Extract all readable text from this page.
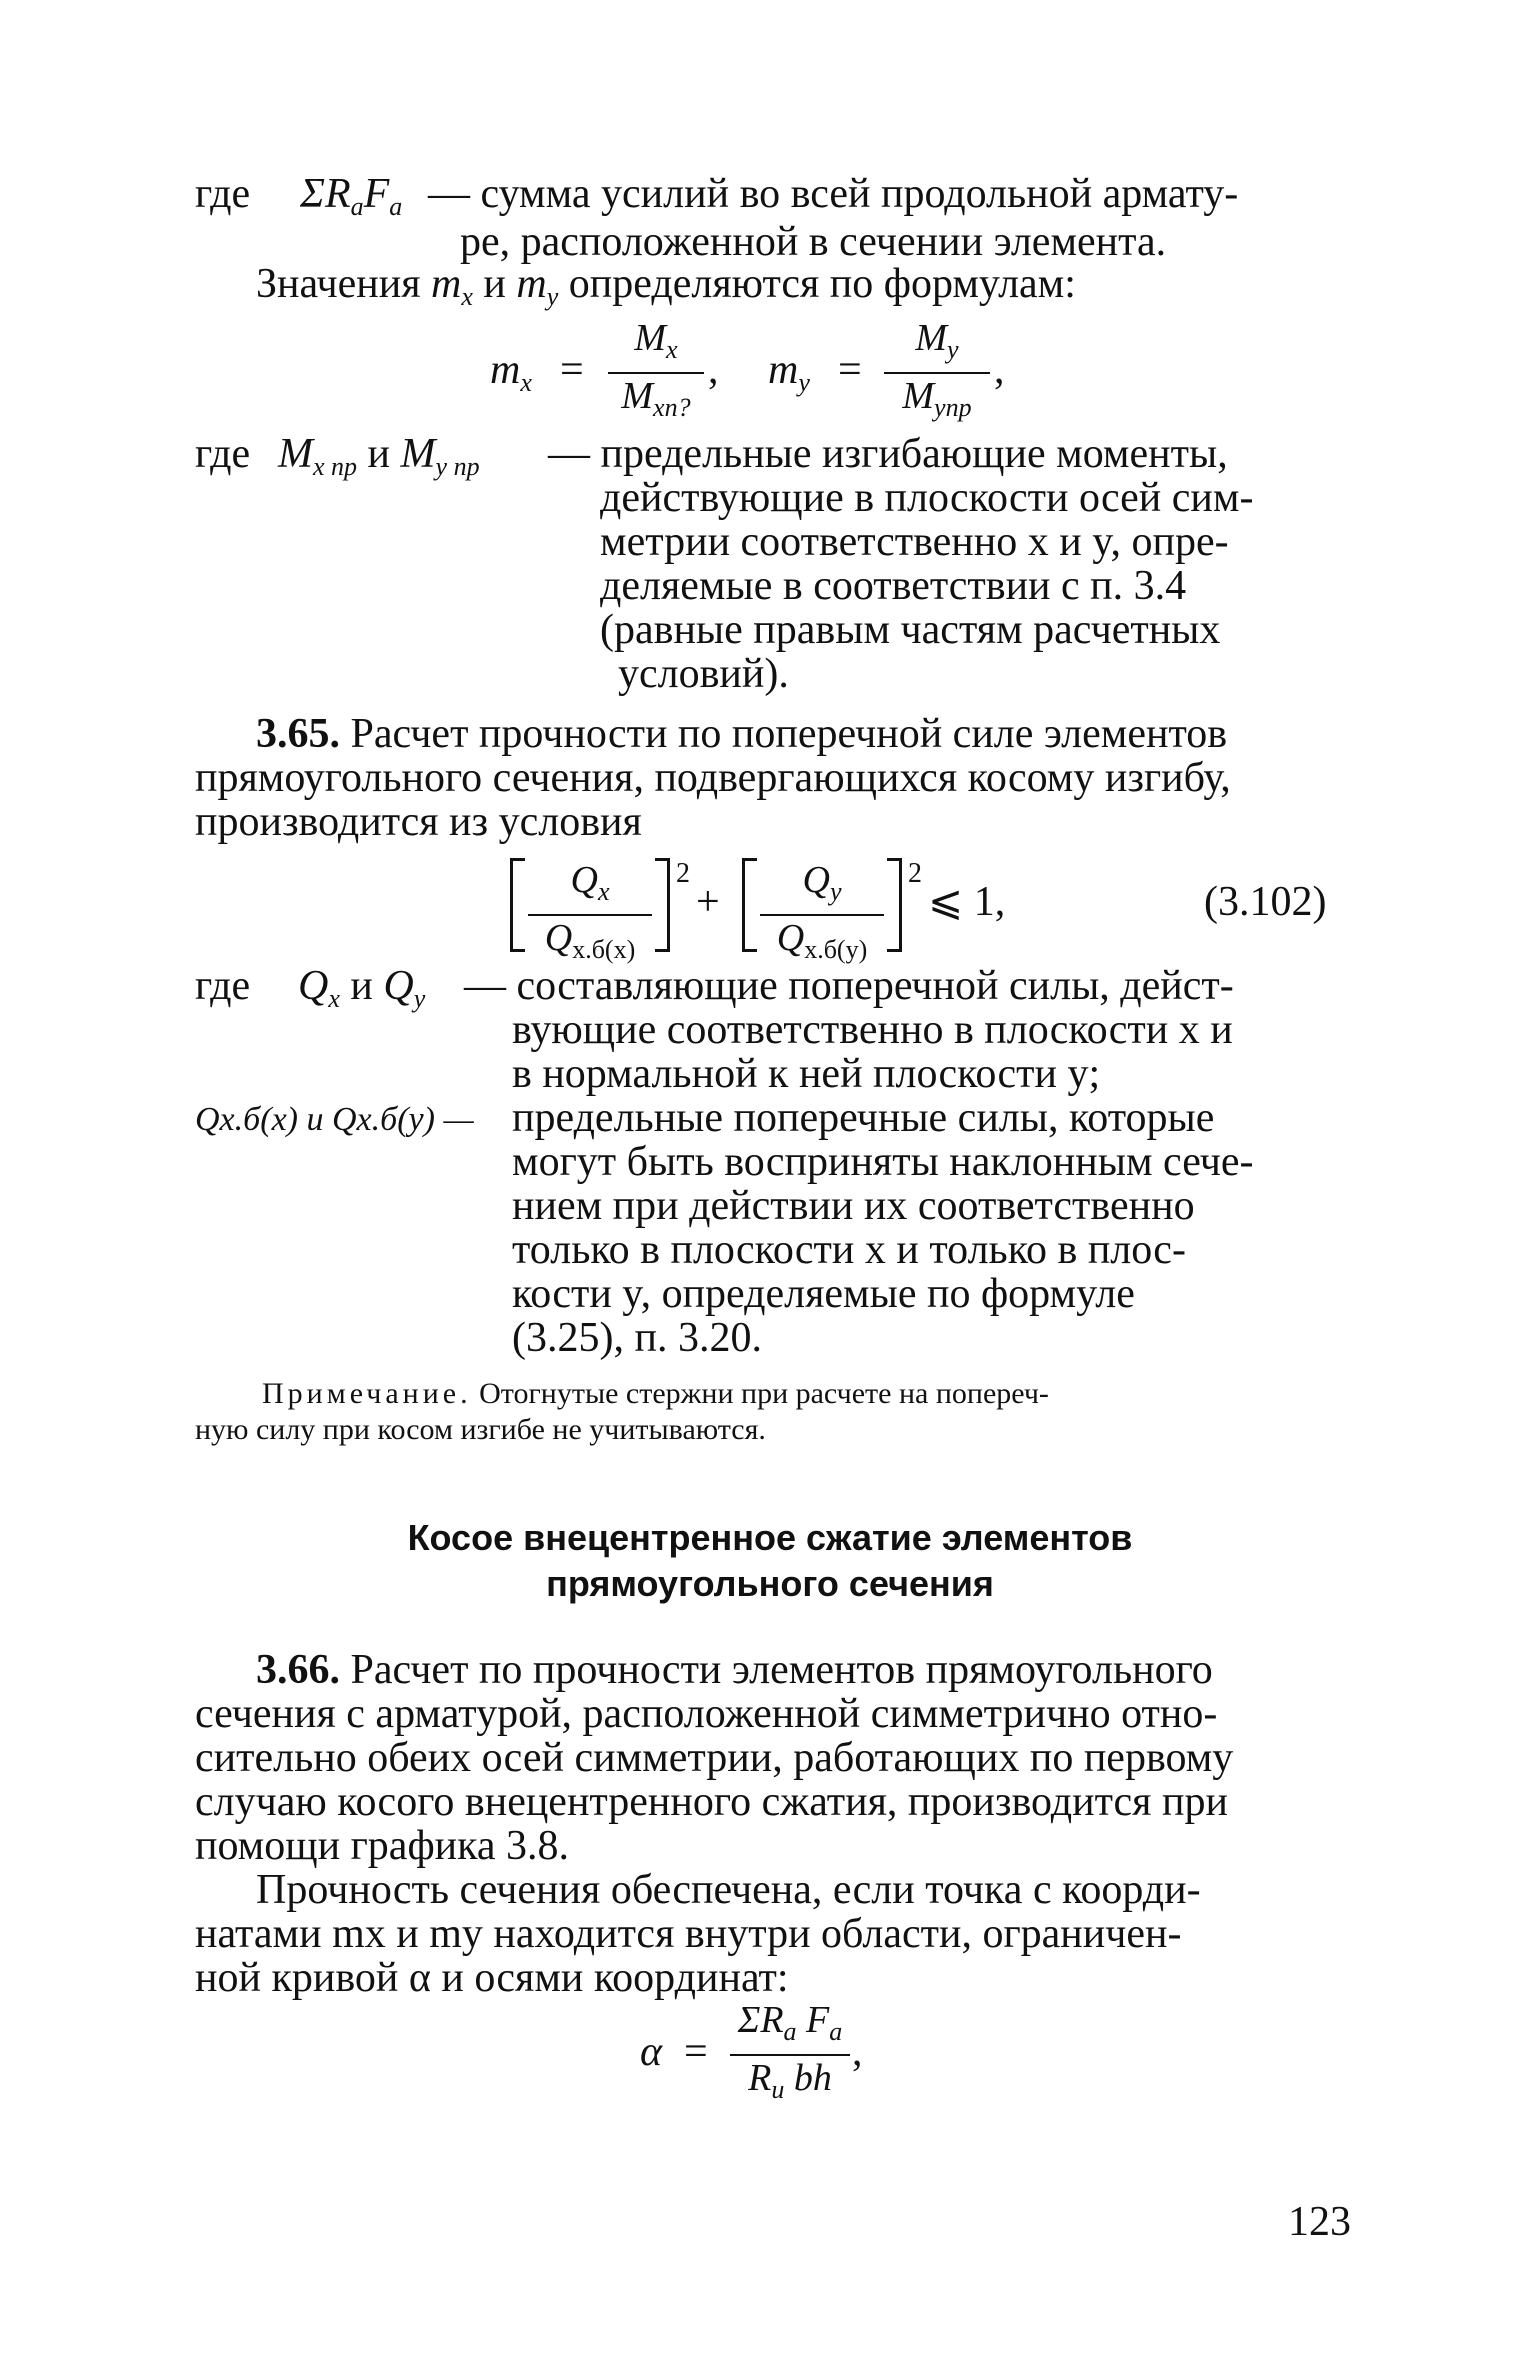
где $\Sigma R_аF_а$ — сумма усилий во всей продольной армату-
ре, расположенной в сечении элемента.
Значения $m_x$ и $m_y$ определяются по формулам:
$m_x$ =
$M_x$
$M_{xп?}$
, $m_y$ =
$M_y$
$M_{yпр}$
,
где $M_{x пр}$ и $M_{y пр}$ — предельные изгибающие моменты,
действующие в плоскости осей сим-
метрии соответственно x и y, опре-
деляемые в соответствии с п. 3.4
(равные правым частям расчетных
условий).
3.65. Расчет прочности по поперечной силе элементов
прямоугольного сечения, подвергающихся косому изгибу,
производится из условия
$Q_x$
$Q_{х.б(x)}$
2
+	$Q_y$
$Q_{х.б(y)}$
2
⩽ 1,	(3.102)
где $Q_x$ и $Q_y$ — составляющие поперечной силы, дейст-
вующие соответственно в плоскости x и
в нормальной к ней плоскости y;
Qх.б(x) и Qх.б(y) — предельные поперечные силы, которые
могут быть восприняты наклонным сече-
нием при действии их соответственно
только в плоскости x и только в плос-
кости y, определяемые по формуле
(3.25), п. 3.20.
Примечание. Отогнутые стержни при расчете на попереч-
ную силу при косом изгибе не учитываются.
Косое внецентренное сжатие элементов
прямоугольного сечения
3.66. Расчет по прочности элементов прямоугольного
сечения с арматурой, расположенной симметрично отно-
сительно обеих осей симметрии, работающих по первому
случаю косого внецентренного сжатия, производится при
помощи графика 3.8.
Прочность сечения обеспечена, если точка с коорди-
натами mx и my находится внутри области, ограничен-
ной кривой α и осями координат:
α =
$\Sigma R_a$ $F_a$
$R_и$ bh
,
123
